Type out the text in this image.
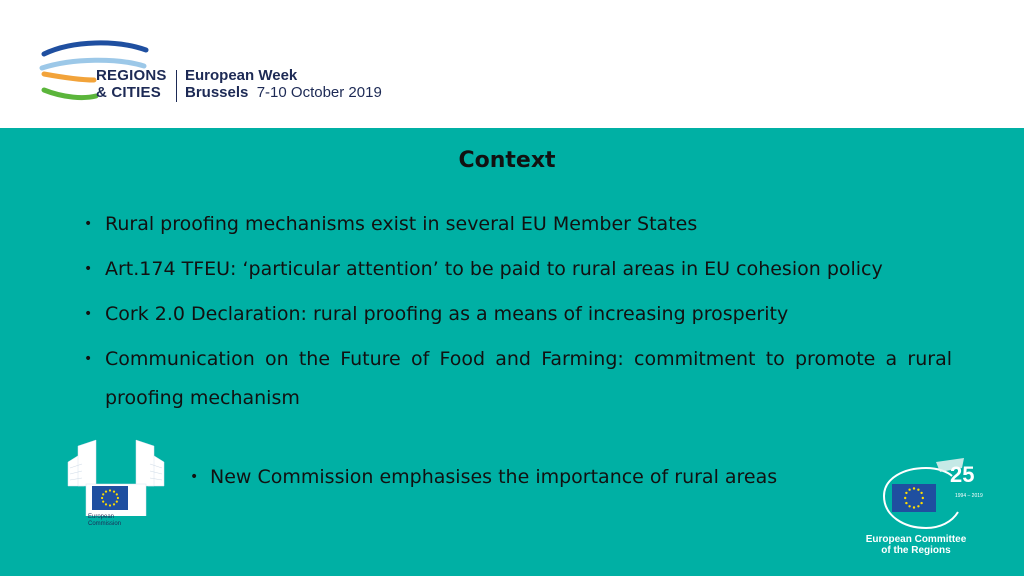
REGIONS
& CITIES
European Week
Brussels 7-10 October 2019
Context
• Rural proofing mechanisms exist in several EU Member States
• Art.174 TFEU: ‘particular attention’ to be paid to rural areas in EU cohesion policy
• Cork 2.0 Declaration: rural proofing as a means of increasing prosperity
• Communication on the Future of Food and Farming: commitment to promote a rural proofing mechanism
• New Commission emphasises the importance of rural areas
European
Commission
25
1994 – 2019
European Committee
of the Regions
